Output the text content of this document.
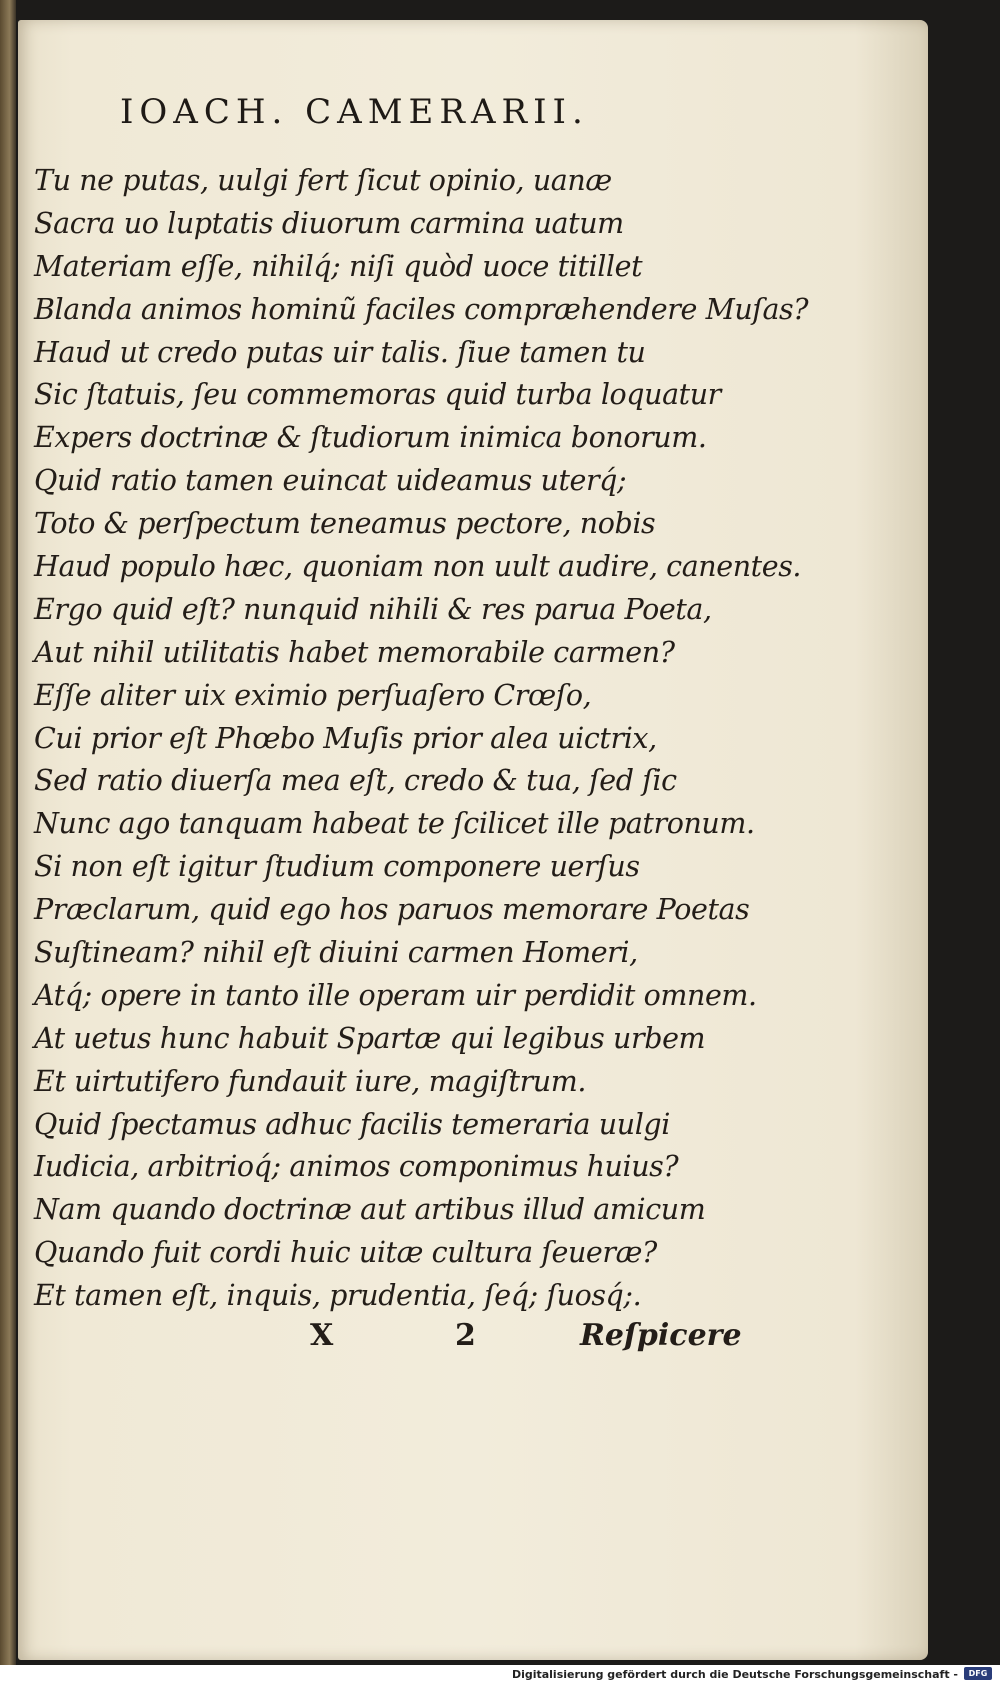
IOACH. CAMERARII.
Tu ne putas, uulgi fert ſicut opinio, uanæ
Sacra uo luptatis diuorum carmina uatum
Materiam eſſe, nihilq́; niſi quòd uoce titillet
Blanda animos hominũ faciles compræhendere Muſas?
Haud ut credo putas uir talis. ſiue tamen tu
Sic ſtatuis, ſeu commemoras quid turba loquatur
Expers doctrinæ & ſtudiorum inimica bonorum.
Quid ratio tamen euincat uideamus uterq́;
Toto & perſpectum teneamus pectore, nobis
Haud populo hæc, quoniam non uult audire, canentes.
Ergo quid eſt? nunquid nihili & res parua Poeta,
Aut nihil utilitatis habet memorabile carmen?
Eſſe aliter uix eximio perſuaſero Crœſo,
Cui prior eſt Phœbo Muſis prior alea uictrix,
Sed ratio diuerſa mea eſt, credo & tua, ſed ſic
Nunc ago tanquam habeat te ſcilicet ille patronum.
Si non eſt igitur ſtudium componere uerſus
Præclarum, quid ego hos paruos memorare Poetas
Suſtineam? nihil eſt diuini carmen Homeri,
Atq́; opere in tanto ille operam uir perdidit omnem.
At uetus hunc habuit Spartæ qui legibus urbem
Et uirtutifero fundauit iure, magiſtrum.
Quid ſpectamus adhuc facilis temeraria uulgi
Iudicia, arbitrioq́; animos componimus huius?
Nam quando doctrinæ aut artibus illud amicum
Quando fuit cordi huic uitæ cultura ſeueræ?
Et tamen eſt, inquis, prudentia, ſeq́; ſuosq́;.
X	2	Reſpicere
Digitalisierung gefördert durch die Deutsche Forschungsgemeinschaft -	DFG
